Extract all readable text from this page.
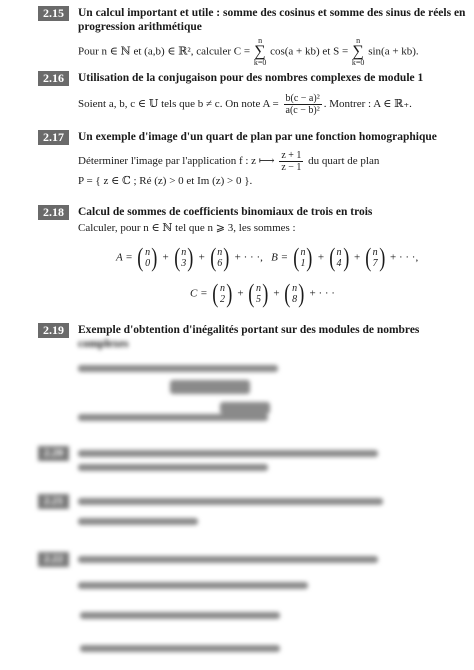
2.15	Un calcul important et utile : somme des cosinus et somme des sinus de réels en
progression arithmétique
Pour n ∈ ℕ et (a,b) ∈ ℝ², calculer C = n
∑
k=0 cos(a + kb) et S = n
∑
k=0 sin(a + kb).
2.16	Utilisation de la conjugaison pour des nombres complexes de module 1
Soient a, b, c ∈ 𝕌 tels que b ≠ c. On note $A = \frac{\text{b(c − a)²}}{\text{a(c − b)²}}$ . Montrer : A ∈ ℝ₊.
2.17	Un exemple d'image d'un quart de plan par une fonction homographique
Déterminer l'image par l'application f : z ⟼ $\frac{z + 1}{z - 1}$ du quart de plan
P = { z ∈ ℂ ; Ré (z) > 0 et Im (z) > 0 }.
2.18	Calcul de sommes de coefficients binomiaux de trois en trois
Calculer, pour n ∈ ℕ tel que n ⩾ 3, les sommes :
A = ( n
0 ) + ( n
3 ) + ( n
6 ) + · · ·, B = ( n
1 ) + ( n
4 ) + ( n
7 ) + · · ·,
C = ( n
2 ) + ( n
5 ) + ( n
8 ) + · · ·
2.19	Exemple d'obtention d'inégalités portant sur des modules de nombres
complexes
2.20
2.21
2.22
